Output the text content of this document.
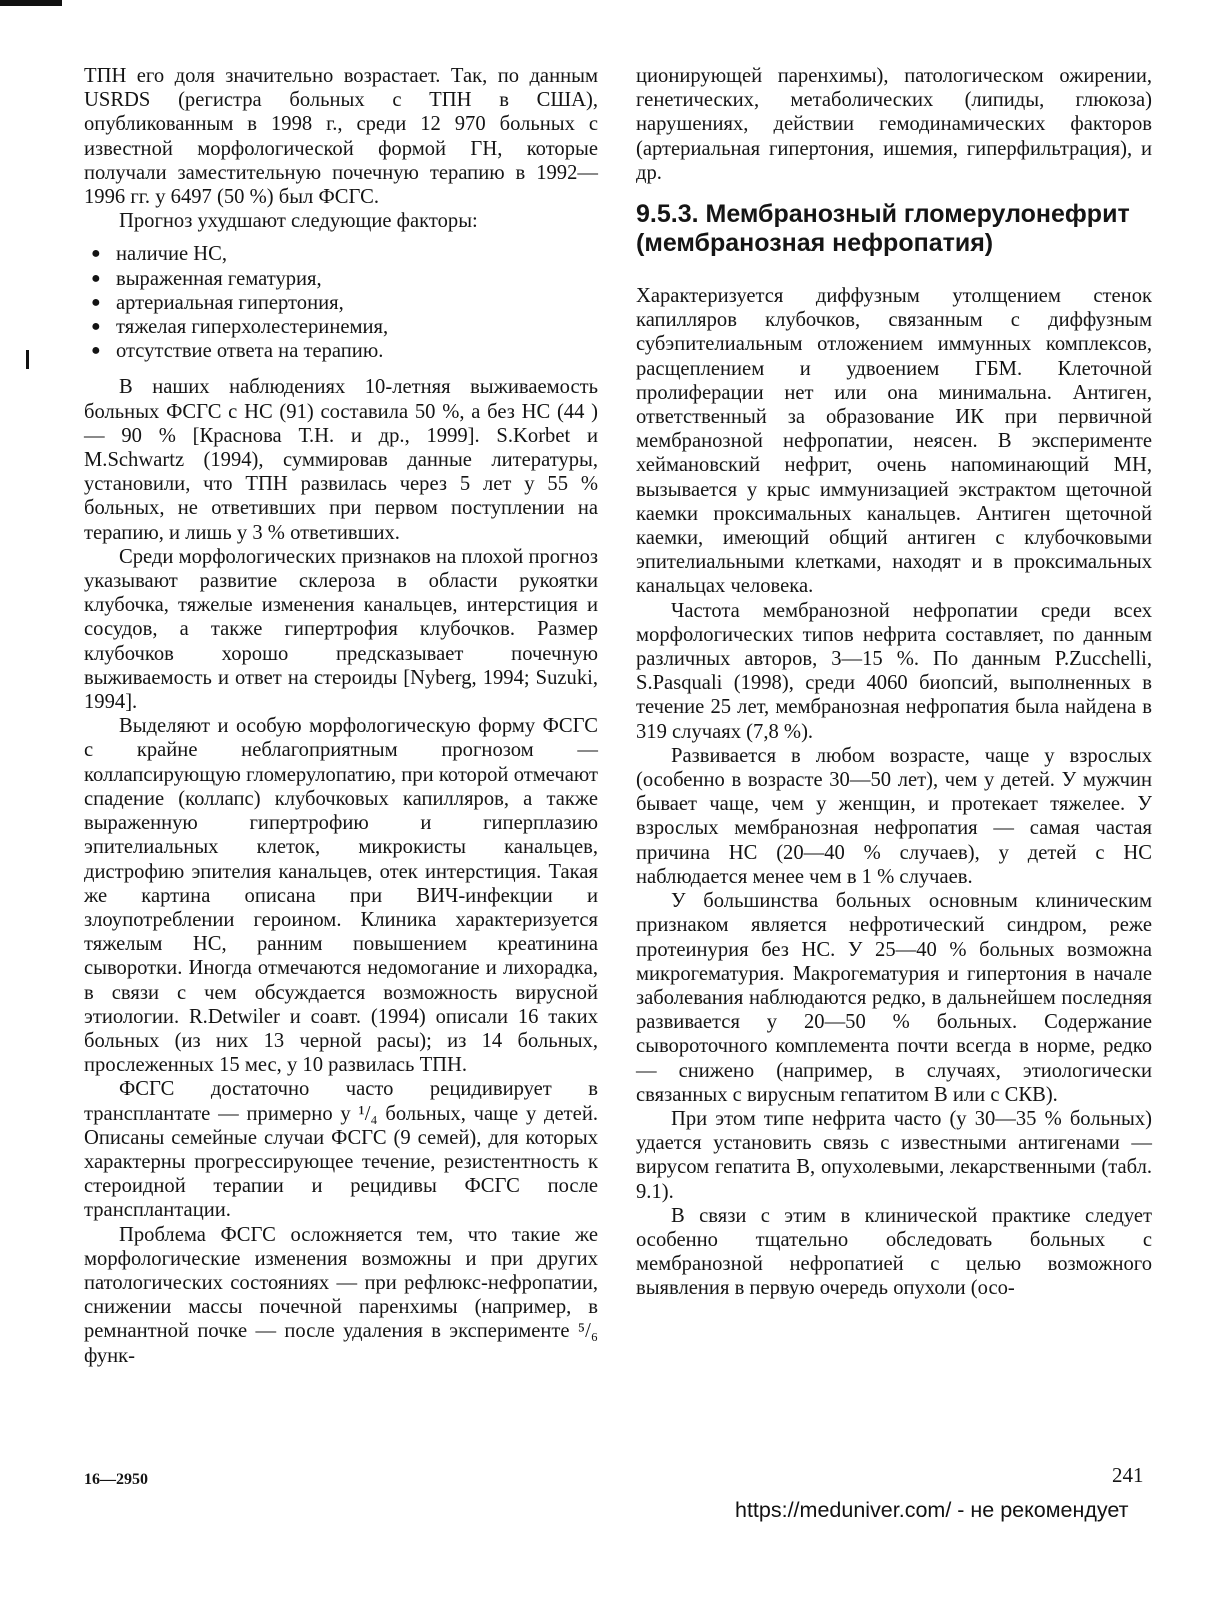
ТПН его доля значительно возрастает. Так, по данным USRDS (регистра больных с ТПН в США), опубликованным в 1998 г., среди 12 970 больных с известной морфологической формой ГН, которые получали заместительную почечную терапию в 1992—1996 гг. у 6497 (50 %) был ФСГС.

Прогноз ухудшают следующие факторы:

● наличие НС,
● выраженная гематурия,
● артериальная гипертония,
● тяжелая гиперхолестеринемия,
● отсутствие ответа на терапию.

В наших наблюдениях 10-летняя выживаемость больных ФСГС с НС (91) составила 50 %, а без НС (44 ) — 90 % [Краснова Т.Н. и др., 1999]. S.Korbet и M.Schwartz (1994), суммировав данные литературы, установили, что ТПН развилась через 5 лет у 55 % больных, не ответивших при первом поступлении на терапию, и лишь у 3 % ответивших.

Среди морфологических признаков на плохой прогноз указывают развитие склероза в области рукоятки клубочка, тяжелые изменения канальцев, интерстиция и сосудов, а также гипертрофия клубочков. Размер клубочков хорошо предсказывает почечную выживаемость и ответ на стероиды [Nyberg, 1994; Suzuki, 1994].

Выделяют и особую морфологическую форму ФСГС с крайне неблагоприятным прогнозом — коллапсирующую гломерулопатию, при которой отмечают спадение (коллапс) клубочковых капилляров, а также выраженную гипертрофию и гиперплазию эпителиальных клеток, микрокисты канальцев, дистрофию эпителия канальцев, отек интерстиция. Такая же картина описана при ВИЧ-инфекции и злоупотреблении героином. Клиника характеризуется тяжелым НС, ранним повышением креатинина сыворотки. Иногда отмечаются недомогание и лихорадка, в связи с чем обсуждается возможность вирусной этиологии. R.Detwiler и соавт. (1994) описали 16 таких больных (из них 13 черной расы); из 14 больных, прослеженных 15 мес, у 10 развилась ТПН.

ФСГС достаточно часто рецидивирует в трансплантате — примерно у ¹/₄ больных, чаще у детей. Описаны семейные случаи ФСГС (9 семей), для которых характерны прогрессирующее течение, резистентность к стероидной терапии и рецидивы ФСГС после трансплантации.

Проблема ФСГС осложняется тем, что такие же морфологические изменения возможны и при других патологических состояниях — при рефлюкс-нефропатии, снижении массы почечной паренхимы (например, в ремнантной почке — после удаления в эксперименте ⁵/₆ функ-

ционирующей паренхимы), патологическом ожирении, генетических, метаболических (липиды, глюкоза) нарушениях, действии гемодинамических факторов (артериальная гипертония, ишемия, гиперфильтрация), и др.

9.5.3. Мембранозный гломерулонефрит (мембранозная нефропатия)

Характеризуется диффузным утолщением стенок капилляров клубочков, связанным с диффузным субэпителиальным отложением иммунных комплексов, расщеплением и удвоением ГБМ. Клеточной пролиферации нет или она минимальна. Антиген, ответственный за образование ИК при первичной мембранозной нефропатии, неясен. В эксперименте хеймановский нефрит, очень напоминающий МН, вызывается у крыс иммунизацией экстрактом щеточной каемки проксимальных канальцев. Антиген щеточной каемки, имеющий общий антиген с клубочковыми эпителиальными клетками, находят и в проксимальных канальцах человека.

Частота мембранозной нефропатии среди всех морфологических типов нефрита составляет, по данным различных авторов, 3—15 %. По данным P.Zucchelli, S.Pasquali (1998), среди 4060 биопсий, выполненных в течение 25 лет, мембранозная нефропатия была найдена в 319 случаях (7,8 %).

Развивается в любом возрасте, чаще у взрослых (особенно в возрасте 30—50 лет), чем у детей. У мужчин бывает чаще, чем у женщин, и протекает тяжелее. У взрослых мембранозная нефропатия — самая частая причина НС (20—40 % случаев), у детей с НС наблюдается менее чем в 1 % случаев.

У большинства больных основным клиническим признаком является нефротический синдром, реже протеинурия без НС. У 25—40 % больных возможна микрогематурия. Макрогематурия и гипертония в начале заболевания наблюдаются редко, в дальнейшем последняя развивается у 20—50 % больных. Содержание сывороточного комплемента почти всегда в норме, редко — снижено (например, в случаях, этиологически связанных с вирусным гепатитом В или с СКВ).

При этом типе нефрита часто (у 30—35 % больных) удается установить связь с известными антигенами — вирусом гепатита В, опухолевыми, лекарственными (табл. 9.1).

В связи с этим в клинической практике следует особенно тщательно обследовать больных с мембранозной нефропатией с целью возможного выявления в первую очередь опухоли (осо-

16—2950	241
https://meduniver.com/ - не рекомендует
